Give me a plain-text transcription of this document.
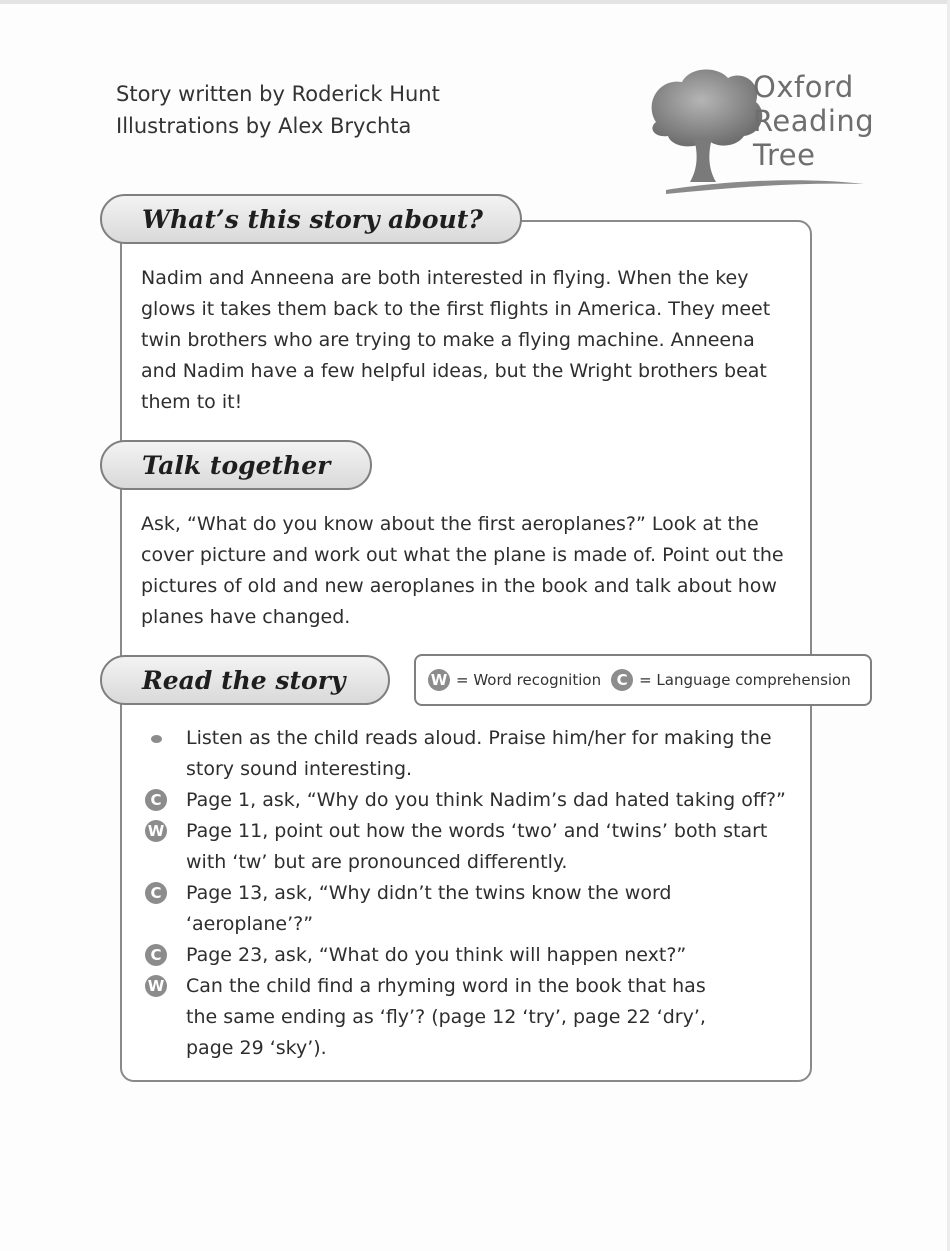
Story written by Roderick Hunt
Illustrations by Alex Brychta
Oxford
Reading
Tree
What’s this story about?
Nadim and Anneena are both interested in flying. When the key
glows it takes them back to the first flights in America. They meet
twin brothers who are trying to make a flying machine. Anneena
and Nadim have a few helpful ideas, but the Wright brothers beat
them to it!
Talk together
Ask, “What do you know about the first aeroplanes?” Look at the
cover picture and work out what the plane is made of. Point out the
pictures of old and new aeroplanes in the book and talk about how
planes have changed.
Read the story	W = Word recognition	C = Language comprehension
Listen as the child reads aloud. Praise him/her for making the
story sound interesting.
C Page 1, ask, “Why do you think Nadim’s dad hated taking off?”
W Page 11, point out how the words ‘two’ and ‘twins’ both start
with ‘tw’ but are pronounced differently.
C Page 13, ask, “Why didn’t the twins know the word
‘aeroplane’?”
C Page 23, ask, “What do you think will happen next?”
W Can the child find a rhyming word in the book that has
the same ending as ‘fly’? (page 12 ‘try’, page 22 ‘dry’,
page 29 ‘sky’).
